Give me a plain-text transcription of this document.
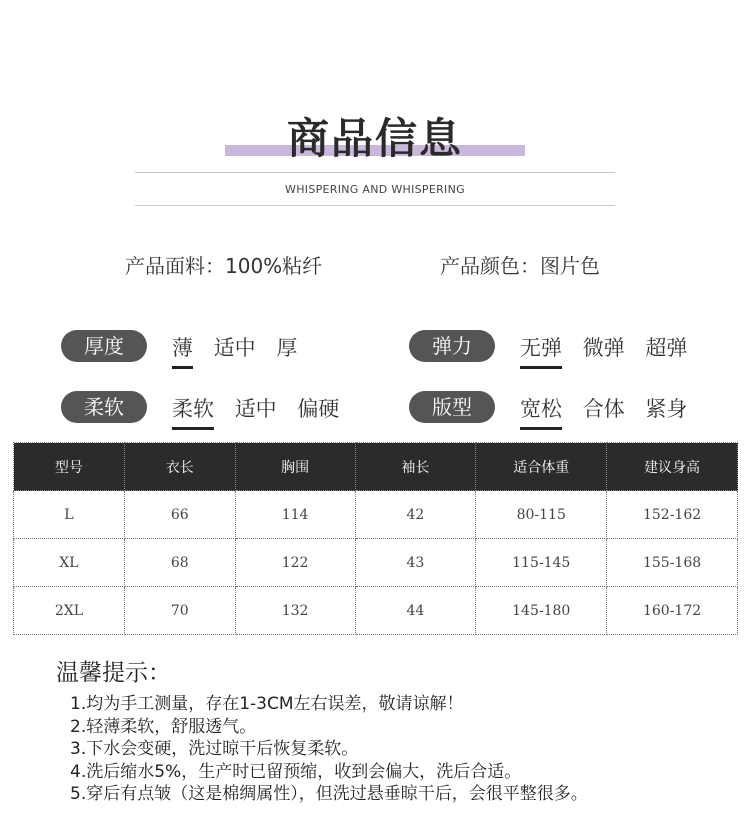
商品信息
WHISPERING AND WHISPERING
产品面料 ： 100%粘纤	产品颜色 ： 图片色
厚度	薄 适中 厚	弹力	无弹 微弹 超弹
柔软	柔软 适中 偏硬	版型	宽松 合体 紧身
型号	衣长	胸围	袖长	适合体重	建议身高
L	66	114	42	80-115	152-162
XL	68	122	43	115-145	155-168
2XL	70	132	44	145-180	160-172
温馨提示：
1.均为手工测量，存在1-3CM左右误差，敬请谅解！
2.轻薄柔软，舒服透气。
3.下水会变硬，洗过晾干后恢复柔软。
4.洗后缩水5%，生产时已留预缩，收到会偏大，洗后合适。
5.穿后有点皱（这是棉绸属性），但洗过悬垂晾干后，会很平整很多。
